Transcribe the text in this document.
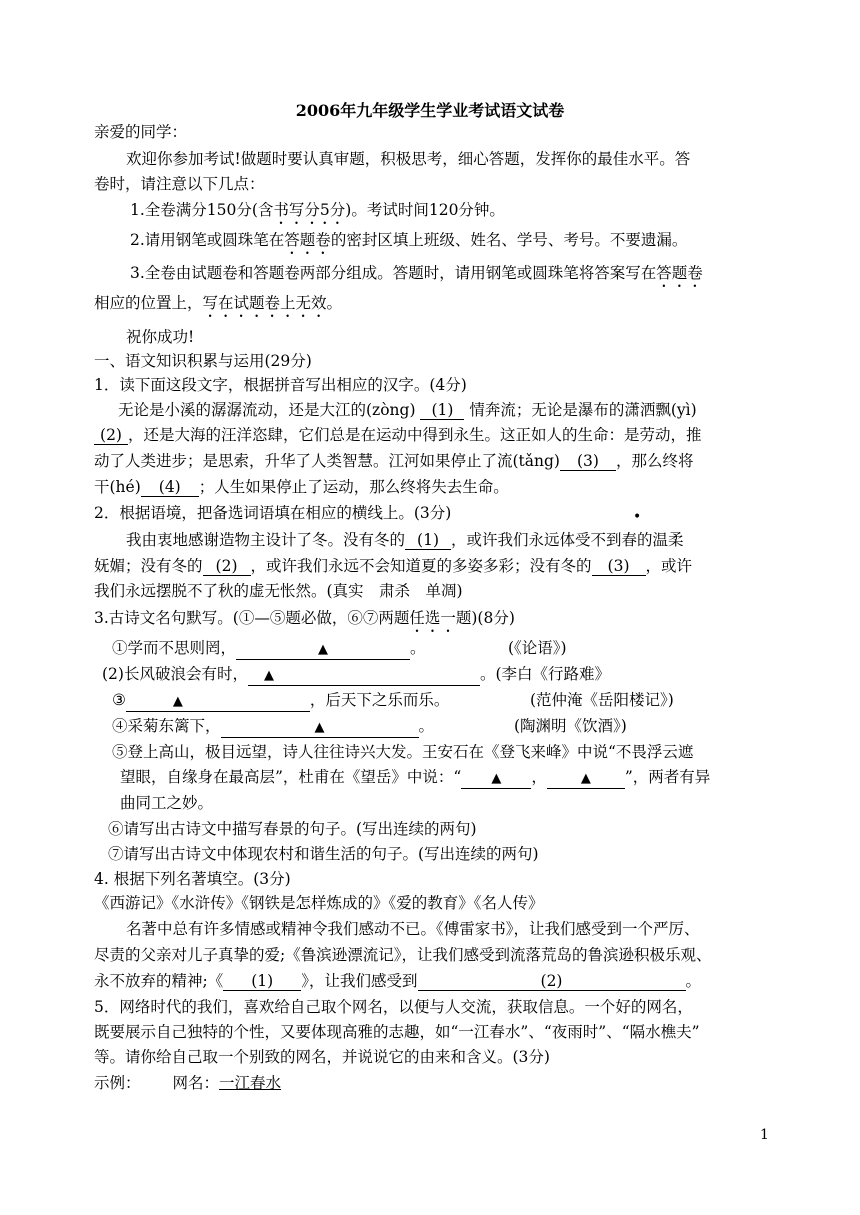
2006年九年级学生学业考试语文试卷
亲爱的同学：
欢迎你参加考试!做题时要认真审题，积极思考，细心答题，发挥你的最佳水平。答
卷时，请注意以下几点：
1.全卷满分150分(含书写分5分)。考试时间120分钟。
2.请用钢笔或圆珠笔在答题卷的密封区填上班级、姓名、学号、考号。不要遗漏。
3.全卷由试题卷和答题卷两部分组成。答题时，请用钢笔或圆珠笔将答案写在答题卷
相应的位置上，写在试题卷上无效。
祝你成功!
一、语文知识积累与运用(29分)
1．读下面这段文字，根据拼音写出相应的汉字。(4分)
无论是小溪的潺潺流动，还是大江的(zòng) (1) 情奔流；无论是瀑布的潇洒飘(yì)
(2) ，还是大海的汪洋恣肆，它们总是在运动中得到永生。这正如人的生命：是劳动，推
动了人类进步；是思索，升华了人类智慧。江河如果停止了流(tǎng) (3) ，那么终将
干(hé) (4) ；人生如果停止了运动，那么终将失去生命。
•
2．根据语境，把备选词语填在相应的横线上。(3分)
我由衷地感谢造物主设计了冬。没有冬的 (1) ，或许我们永远体受不到春的温柔
妩媚；没有冬的 (2) ，或许我们永远不会知道夏的多姿多彩；没有冬的 (3) ，或许
我们永远摆脱不了秋的虚无怅然。(真实　肃杀　单凋)
3.古诗文名句默写。(①—⑤题必做，⑥⑦两题任选一题)(8分)
①学而不思则罔，	▲	。	(《论语》)
(2)长风破浪会有时， ▲	。(李白《行路难》
③	▲	，后天下之乐而乐。	(范仲淹《岳阳楼记》)
④采菊东篱下，	▲	。	(陶渊明《饮酒》)
⑤登上高山，极目远望，诗人往往诗兴大发。王安石在《登飞来峰》中说“不畏浮云遮
望眼，自缘身在最高层”，杜甫在《望岳》中说：“ ▲ ，	▲ ”，两者有异
曲同工之妙。
⑥请写出古诗文中描写春景的句子。(写出连续的两句)
⑦请写出古诗文中体现农村和谐生活的句子。(写出连续的两句)
4. 根据下列名著填空。(3分)
《西游记》《水浒传》《钢铁是怎样炼成的》《爱的教育》《名人传》
名著中总有许多情感或精神令我们感动不已。《傅雷家书》，让我们感受到一个严厉、
尽责的父亲对儿子真挚的爱;《鲁滨逊漂流记》，让我们感受到流落荒岛的鲁滨逊积极乐观、
永不放弃的精神;《 (1) 》，让我们感受到	(2)	。
5．网络时代的我们，喜欢给自己取个网名，以便与人交流，获取信息。一个好的网名，
既要展示自己独特的个性，又要体现高雅的志趣，如“一江春水”、“夜雨时”、“隔水樵夫”
等。请你给自己取一个别致的网名，并说说它的由来和含义。(3分)
示例： 网名：一江春水
1
